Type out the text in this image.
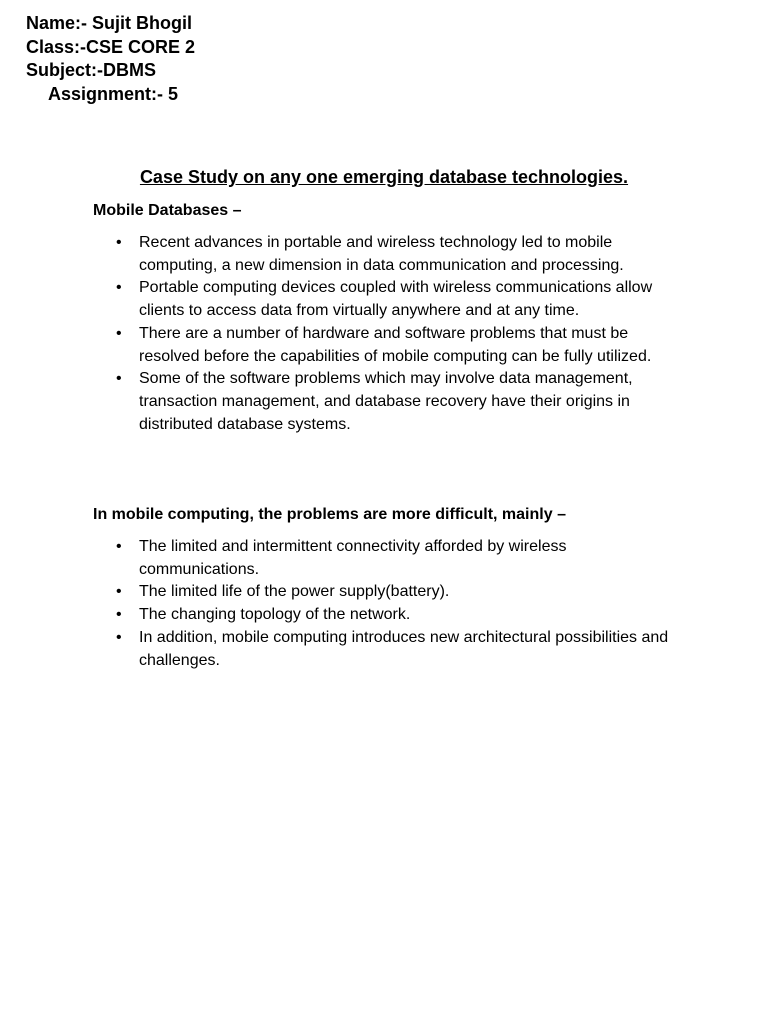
Name:- Sujit Bhogil
Class:-CSE CORE 2
Subject:-DBMS
Assignment:- 5
Case Study on any one emerging database technologies.
Mobile Databases –
• Recent advances in portable and wireless technology led to mobile computing, a new dimension in data communication and processing.
• Portable computing devices coupled with wireless communications allow clients to access data from virtually anywhere and at any time.
• There are a number of hardware and software problems that must be resolved before the capabilities of mobile computing can be fully utilized.
• Some of the software problems which may involve data management, transaction management, and database recovery have their origins in distributed database systems.
In mobile computing, the problems are more difficult, mainly –
• The limited and intermittent connectivity afforded by wireless communications.
• The limited life of the power supply(battery).
• The changing topology of the network.
• In addition, mobile computing introduces new architectural possibilities and challenges.
